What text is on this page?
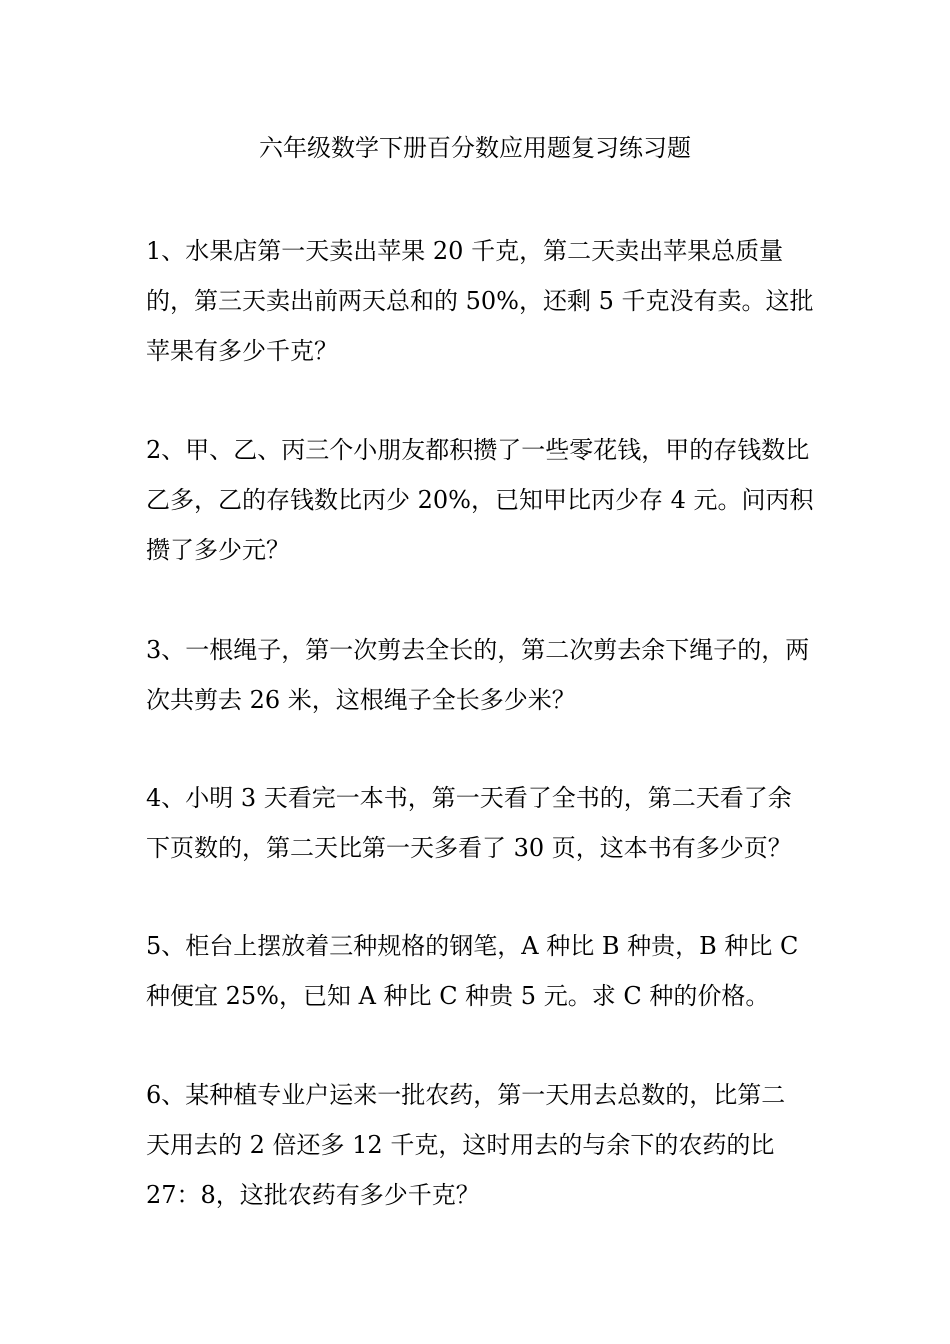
六年级数学下册百分数应用题复习练习题
1、水果店第一天卖出苹果 20 千克，第二天卖出苹果总质量
的，第三天卖出前两天总和的 50%，还剩 5 千克没有卖。这批
苹果有多少千克？
2、甲、乙、丙三个小朋友都积攒了一些零花钱，甲的存钱数比
乙多，乙的存钱数比丙少 20%，已知甲比丙少存 4 元。问丙积
攒了多少元？
3、一根绳子，第一次剪去全长的，第二次剪去余下绳子的，两
次共剪去 26 米，这根绳子全长多少米？
4、小明 3 天看完一本书，第一天看了全书的，第二天看了余
下页数的，第二天比第一天多看了 30 页，这本书有多少页？
5、柜台上摆放着三种规格的钢笔，A 种比 B 种贵，B 种比 C
种便宜 25%，已知 A 种比 C 种贵 5 元。求 C 种的价格。
6、某种植专业户运来一批农药，第一天用去总数的，比第二
天用去的 2 倍还多 12 千克，这时用去的与余下的农药的比
27：8，这批农药有多少千克？
